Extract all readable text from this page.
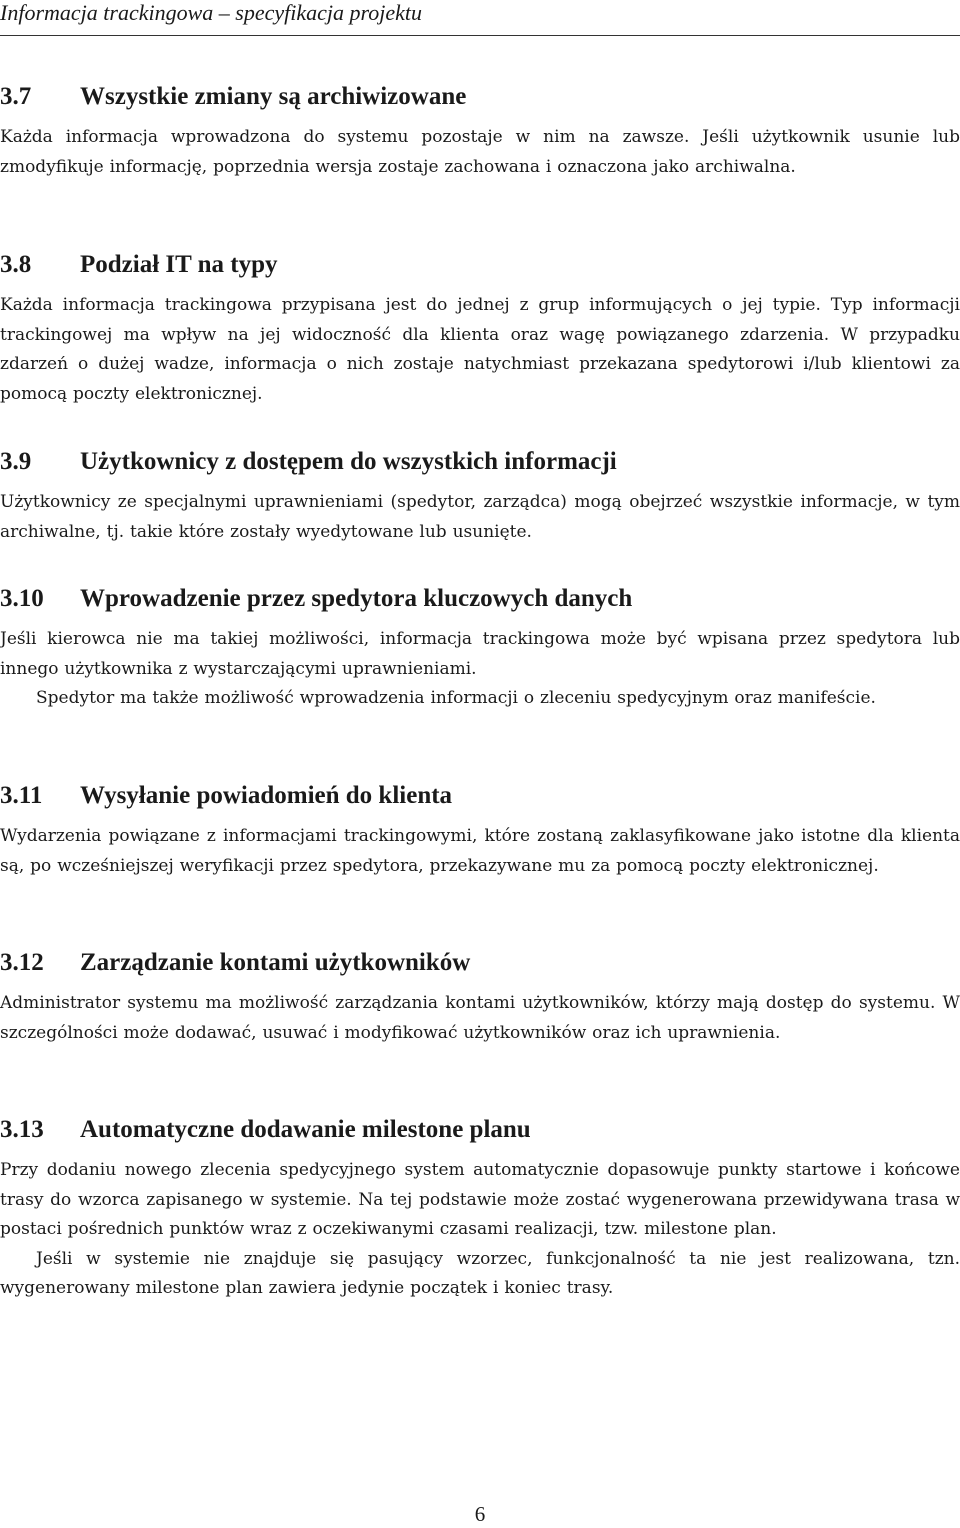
Informacja trackingowa – specyfikacja projektu
3.7 Wszystkie zmiany są archiwizowane

Każda informacja wprowadzona do systemu pozostaje w nim na zawsze. Jeśli użytkownik usunie lub zmodyfikuje informację, poprzednia wersja zostaje zachowana i oznaczona jako archiwalna.

3.8 Podział IT na typy

Każda informacja trackingowa przypisana jest do jednej z grup informujących o jej typie. Typ informacji trackingowej ma wpływ na jej widoczność dla klienta oraz wagę powiązanego zdarzenia. W przypadku zdarzeń o dużej wadze, informacja o nich zostaje natychmiast przekazana spedytorowi i/lub klientowi za pomocą poczty elektronicznej.

3.9 Użytkownicy z dostępem do wszystkich informacji

Użytkownicy ze specjalnymi uprawnieniami (spedytor, zarządca) mogą obejrzeć wszystkie informacje, w tym archiwalne, tj. takie które zostały wyedytowane lub usunięte.

3.10 Wprowadzenie przez spedytora kluczowych danych

Jeśli kierowca nie ma takiej możliwości, informacja trackingowa może być wpisana przez spedytora lub innego użytkownika z wystarczającymi uprawnieniami.

Spedytor ma także możliwość wprowadzenia informacji o zleceniu spedycyjnym oraz manifeście.

3.11 Wysyłanie powiadomień do klienta

Wydarzenia powiązane z informacjami trackingowymi, które zostaną zaklasyfikowane jako istotne dla klienta są, po wcześniejszej weryfikacji przez spedytora, przekazywane mu za pomocą poczty elektronicznej.

3.12 Zarządzanie kontami użytkowników

Administrator systemu ma możliwość zarządzania kontami użytkowników, którzy mają dostęp do systemu. W szczególności może dodawać, usuwać i modyfikować użytkowników oraz ich uprawnienia.

3.13 Automatyczne dodawanie milestone planu

Przy dodaniu nowego zlecenia spedycyjnego system automatycznie dopasowuje punkty startowe i końcowe trasy do wzorca zapisanego w systemie. Na tej podstawie może zostać wygenerowana przewidywana trasa w postaci pośrednich punktów wraz z oczekiwanymi czasami realizacji, tzw. milestone plan.

Jeśli w systemie nie znajduje się pasujący wzorzec, funkcjonalność ta nie jest realizowana, tzn. wygenerowany milestone plan zawiera jedynie początek i koniec trasy.

6
